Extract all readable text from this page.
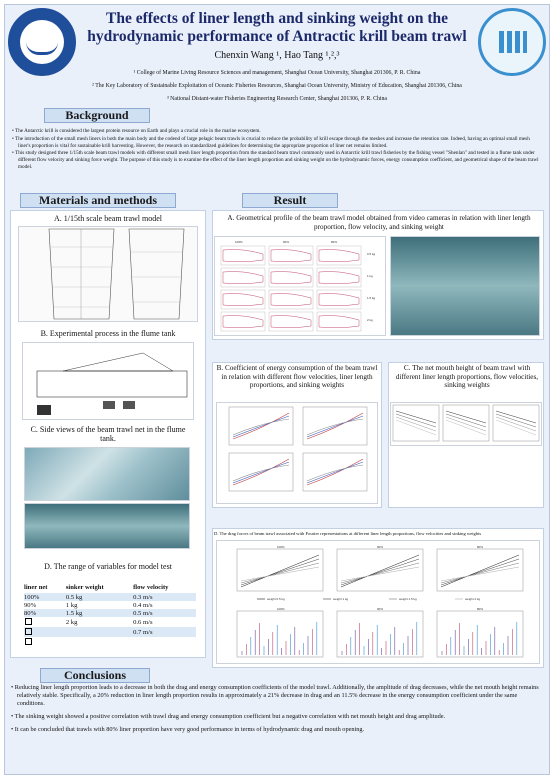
The effects of liner length and sinking weight on the
hydrodynamic performance of Antractic krill beam trawl
Chenxin Wang ¹, Hao Tang ¹,²,³
¹ College of Marine Living Resource Sciences and management, Shanghai Ocean University, Shanghai 201306, P. R. China
² The Key Laboratory of Sustainable Exploitation of Oceanic Fisheries Resources, Shanghai Ocean University, Ministry of Education, Shanghai 201306, China
³ National Distant-water Fisheries Engineering Research Center, Shanghai 201306, P. R. China
Background

• The Antarctic krill is considered the largest protein resource on Earth and plays a crucial role in the marine ecosystem.

• The introduction of the small mesh liners in both the main body and the codend of large pelagic beam trawls is crucial to reduce the probability of krill escape through the meshes and increase the retention rate. Indeed, having an optimal small mesh liner's proportion is vital for sustainable krill harvesting. However, the research on standardized guidelines for determining the appropriate proportion of liner net remains limited.

• This study designed three 1/15th scale beam trawl models with different small mesh liner length proportion from the standard beam trawl commonly used in Antarctic krill trawl fisheries by the fishing vessel "Shenlan" and tested in a flume tank under different flow velocity and sinking force weight. The purpose of this study is to examine the effect of the liner length proportion and sinking weight on the hydrodynamic forces, energy consumption coefficient, and geometrical shape of the beam trawl model.

Materials and methods	Result
A. 1/15th scale beam trawl model
B. Experimental process in the flume tank
C. Side views of the beam trawl net in the flume tank.
D. The range of variables for model test
liner net	sinker weight	flow velocity
100%	0.5 kg	0.3 m/s
90%	1 kg	0.4 m/s
80%	1.5 kg	0.5 m/s
	2 kg	0.6 m/s
		0.7 m/s

A. Geometrical profile of the beam trawl model obtained from video cameras in relation with liner length proportion, flow velocity, and sinking weight
100%	90%	80%
0.5 kg
1 kg
1.5 kg
2 kg
B. Coefficient of energy consumption of the beam trawl in relation with different flow velocities, liner length proportions, and sinking weights
C. The net mouth height of beam trawl with different liner length proportions, flow velocities, sinking weights
D. The drag forces of beam trawl associated with Fourier representations at different liner length proportions, flow velocities and sinking weights
100%
100%
90%
90%
80%
80%
weight 0.5 kg	weight 1 kg	weight 1.5 kg	weight 2 kg
Conclusions

• Reducing liner length proportion leads to a decrease in both the drag and energy consumption coefficients of the model trawl. Additionally, the amplitude of drag decreases, while the net mouth height remains relatively stable. Specifically, a 20% reduction in liner length proportion results in approximately a 21% decrease in drag and an 11.5% decrease in the energy consumption coefficient under the same conditions.

• The sinking weight showed a positive correlation with trawl drag and energy consumption coefficient but a negative correlation with net mouth height and drag amplitude.

• It can be concluded that trawls with 80% liner proportion have very good performance in terms of hydrodynamic drag and mouth opening.
